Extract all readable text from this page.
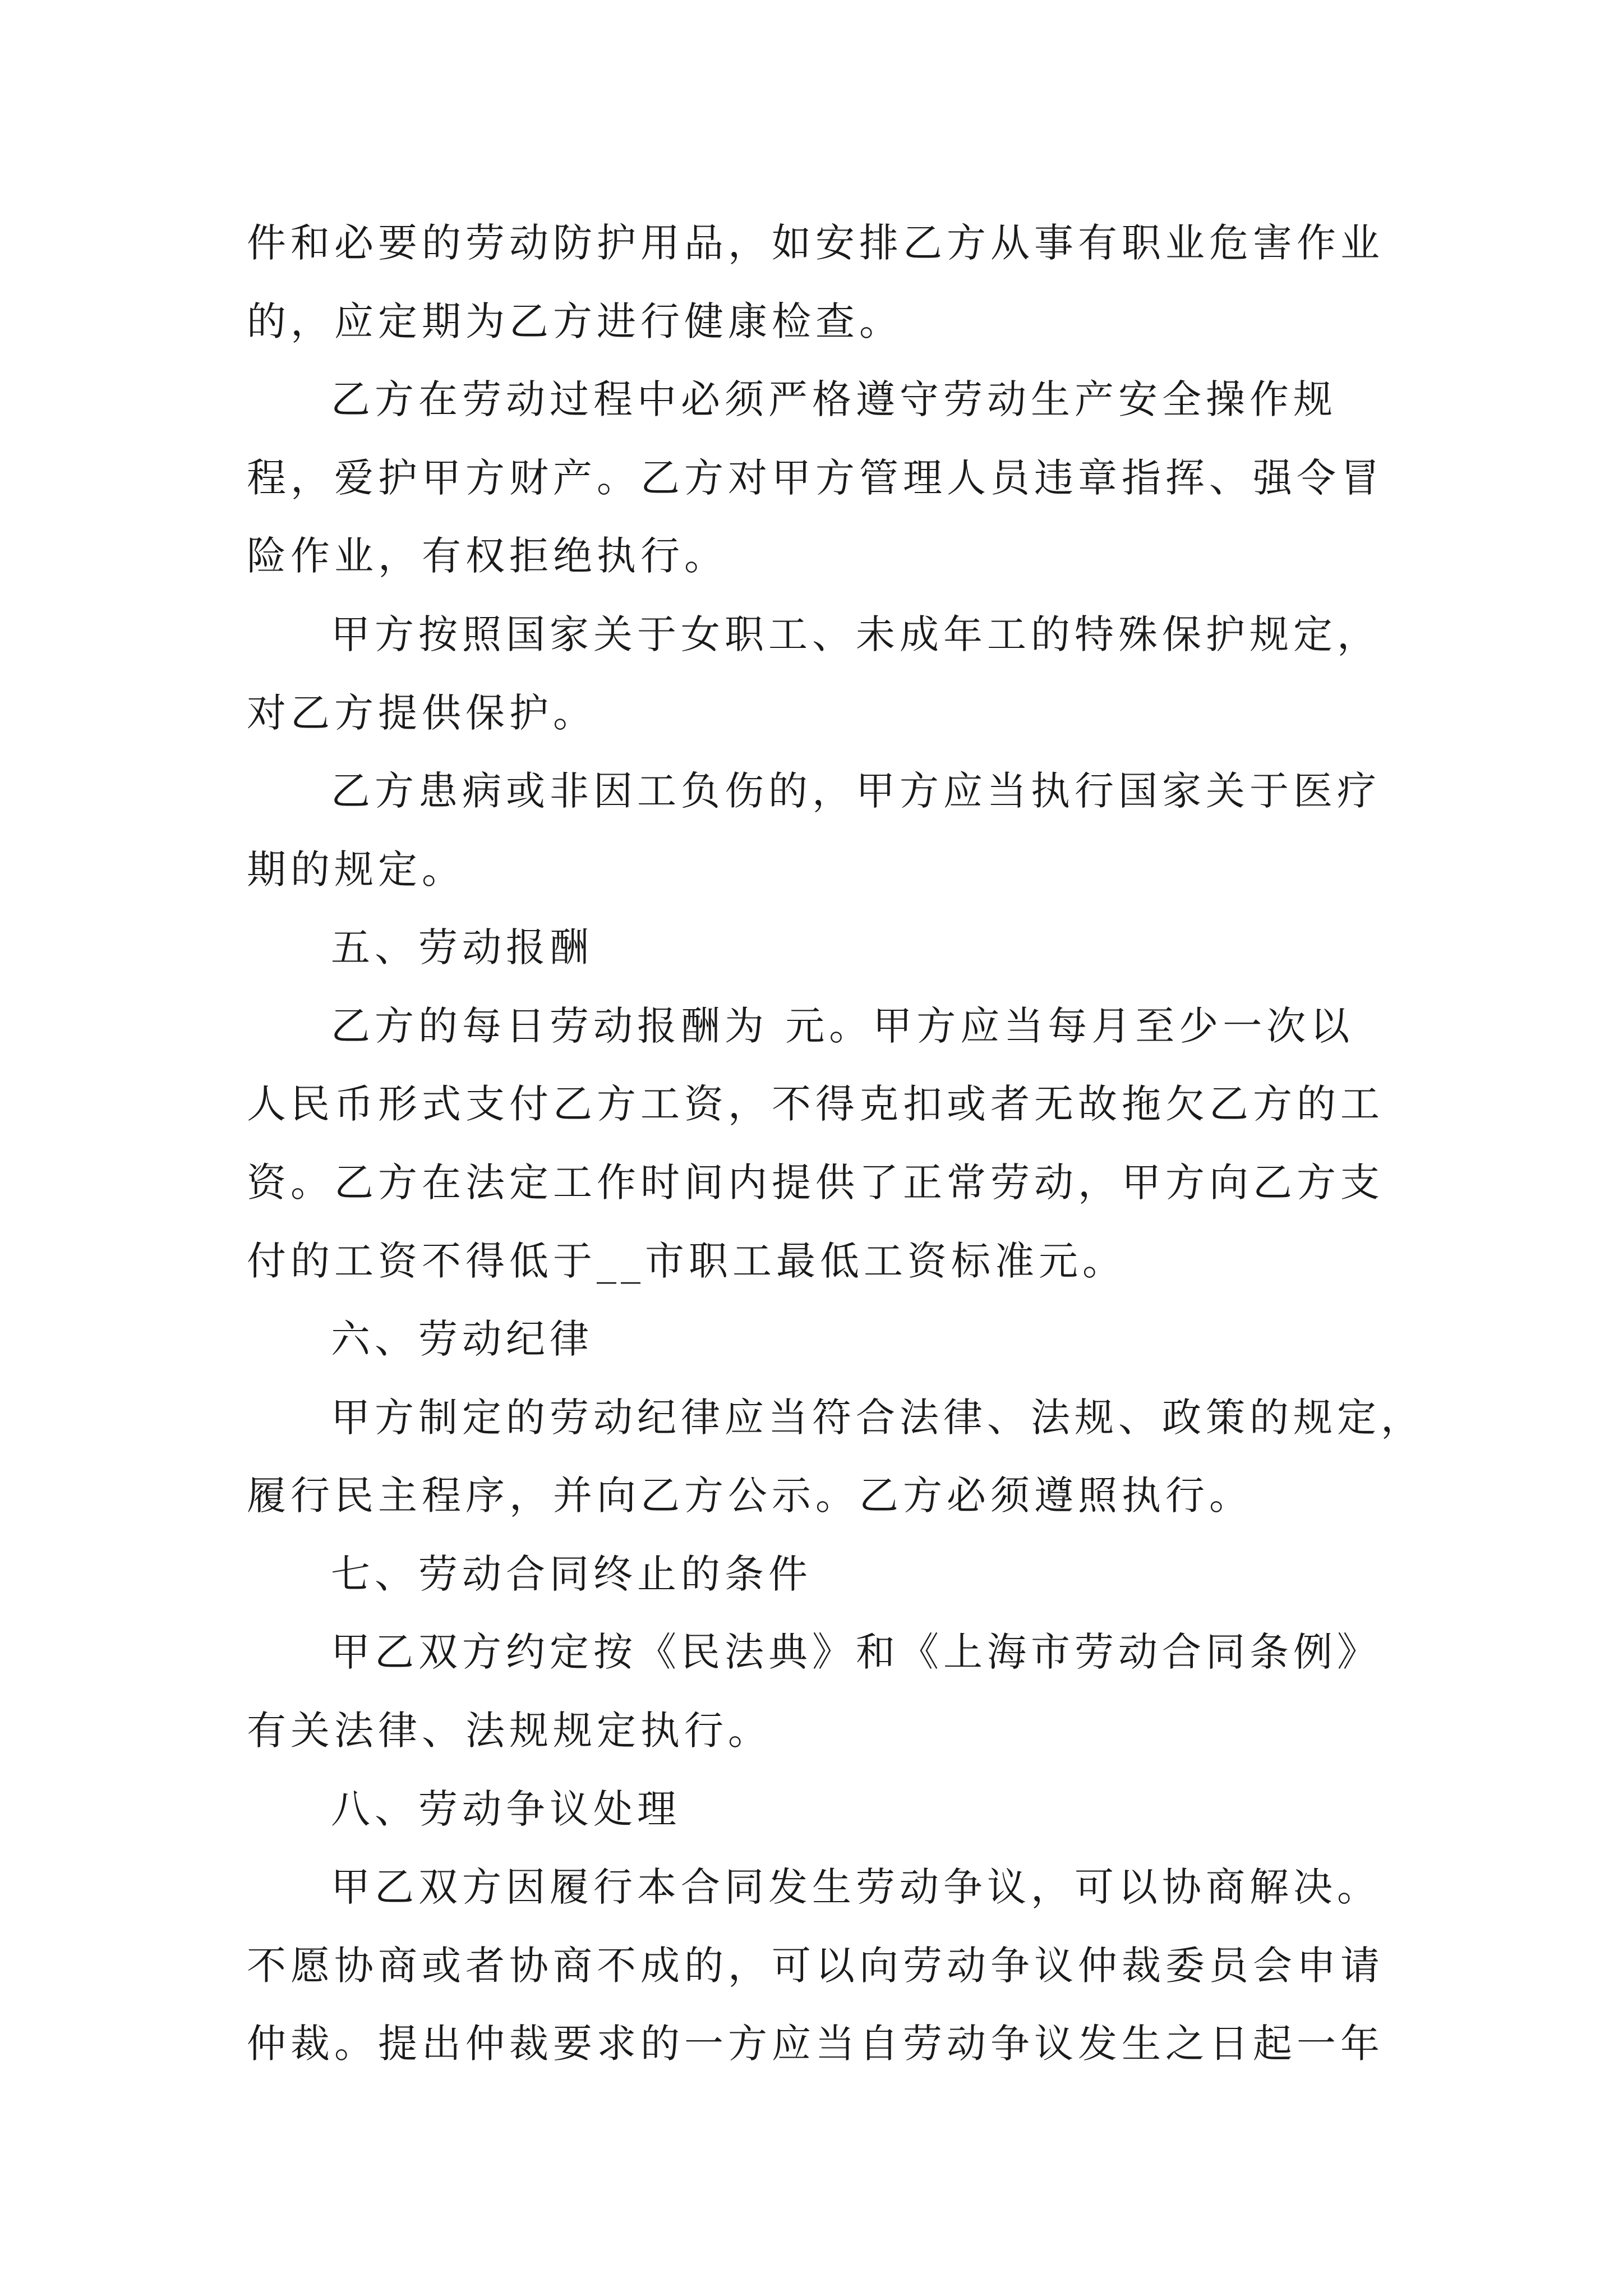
件和必要的劳动防护用品，如安排乙方从事有职业危害作业
的，应定期为乙方进行健康检查。
乙方在劳动过程中必须严格遵守劳动生产安全操作规
程，爱护甲方财产。乙方对甲方管理人员违章指挥、强令冒
险作业，有权拒绝执行。
甲方按照国家关于女职工、未成年工的特殊保护规定，
对乙方提供保护。
乙方患病或非因工负伤的，甲方应当执行国家关于医疗
期的规定。
五、劳动报酬
乙方的每日劳动报酬为 元。甲方应当每月至少一次以
人民币形式支付乙方工资，不得克扣或者无故拖欠乙方的工
资。乙方在法定工作时间内提供了正常劳动，甲方向乙方支
付的工资不得低于__市职工最低工资标准元。
六、劳动纪律
甲方制定的劳动纪律应当符合法律、法规、政策的规定，
履行民主程序，并向乙方公示。乙方必须遵照执行。
七、劳动合同终止的条件
甲乙双方约定按《民法典》和《上海市劳动合同条例》
有关法律、法规规定执行。
八、劳动争议处理
甲乙双方因履行本合同发生劳动争议，可以协商解决。
不愿协商或者协商不成的，可以向劳动争议仲裁委员会申请
仲裁。提出仲裁要求的一方应当自劳动争议发生之日起一年
